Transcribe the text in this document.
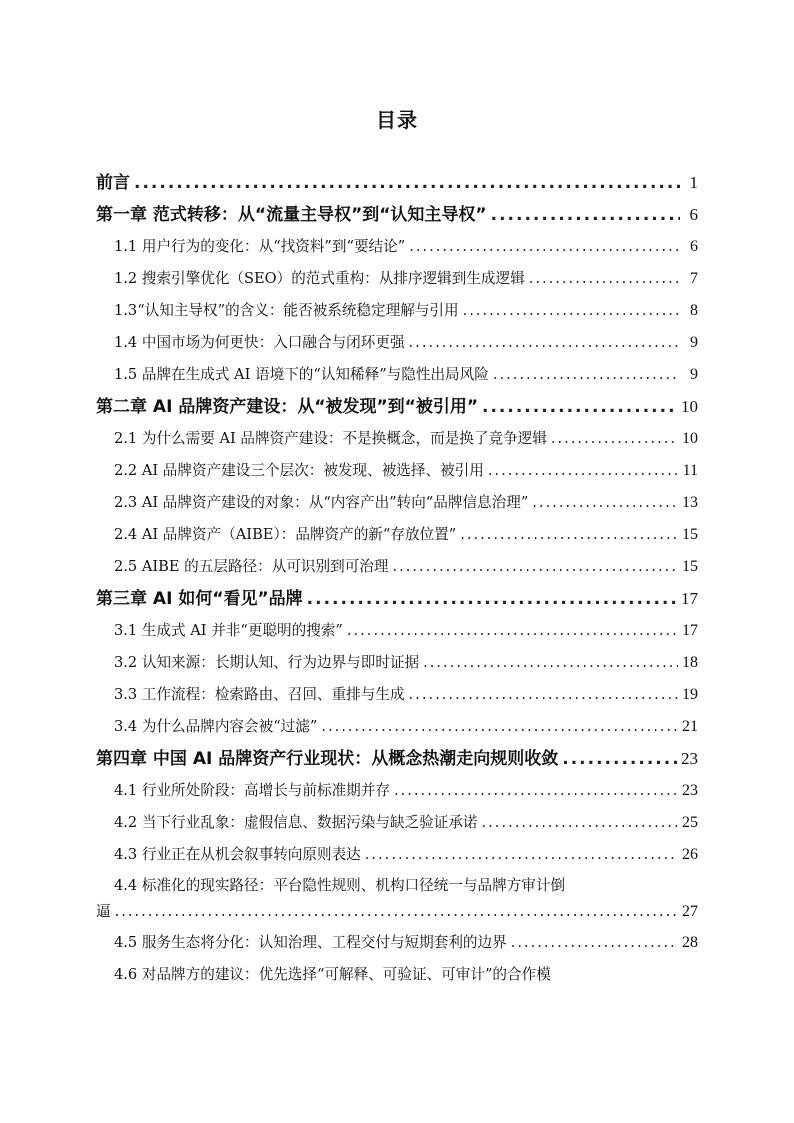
目录
前言 .....	1
第一章 范式转移：从“流量主导权”到“认知主导权” .....	6
1.1 用户行为的变化：从“找资料”到“要结论” .....	6
1.2 搜索引擎优化（SEO）的范式重构：从排序逻辑到生成逻辑 .....	7
1.3“认知主导权”的含义：能否被系统稳定理解与引用 .....	8
1.4 中国市场为何更快：入口融合与闭环更强 .....	9
1.5 品牌在生成式 AI 语境下的“认知稀释”与隐性出局风险 .....	9
第二章 AI 品牌资产建设：从“被发现”到“被引用” .....	10
2.1 为什么需要 AI 品牌资产建设：不是换概念，而是换了竞争逻辑 .....	10
2.2 AI 品牌资产建设三个层次：被发现、被选择、被引用 .....	11
2.3 AI 品牌资产建设的对象：从“内容产出”转向“品牌信息治理” .....	13
2.4 AI 品牌资产（AIBE）：品牌资产的新“存放位置” .....	15
2.5 AIBE 的五层路径：从可识别到可治理 .....	15
第三章 AI 如何“看见”品牌 .....	17
3.1 生成式 AI 并非“更聪明的搜索” .....	17
3.2 认知来源：长期认知、行为边界与即时证据 .....	18
3.3 工作流程：检索路由、召回、重排与生成 .....	19
3.4 为什么品牌内容会被“过滤” .....	21
第四章 中国 AI 品牌资产行业现状：从概念热潮走向规则收敛 .....	23
4.1 行业所处阶段：高增长与前标准期并存 .....	23
4.2 当下行业乱象：虚假信息、数据污染与缺乏验证承诺 .....	25
4.3 行业正在从机会叙事转向原则表达 .....	26
4.4 标准化的现实路径：平台隐性规则、机构口径统一与品牌方审计倒
逼 .....	27
4.5 服务生态将分化：认知治理、工程交付与短期套利的边界 .....	28
4.6 对品牌方的建议：优先选择“可解释、可验证、可审计”的合作模
